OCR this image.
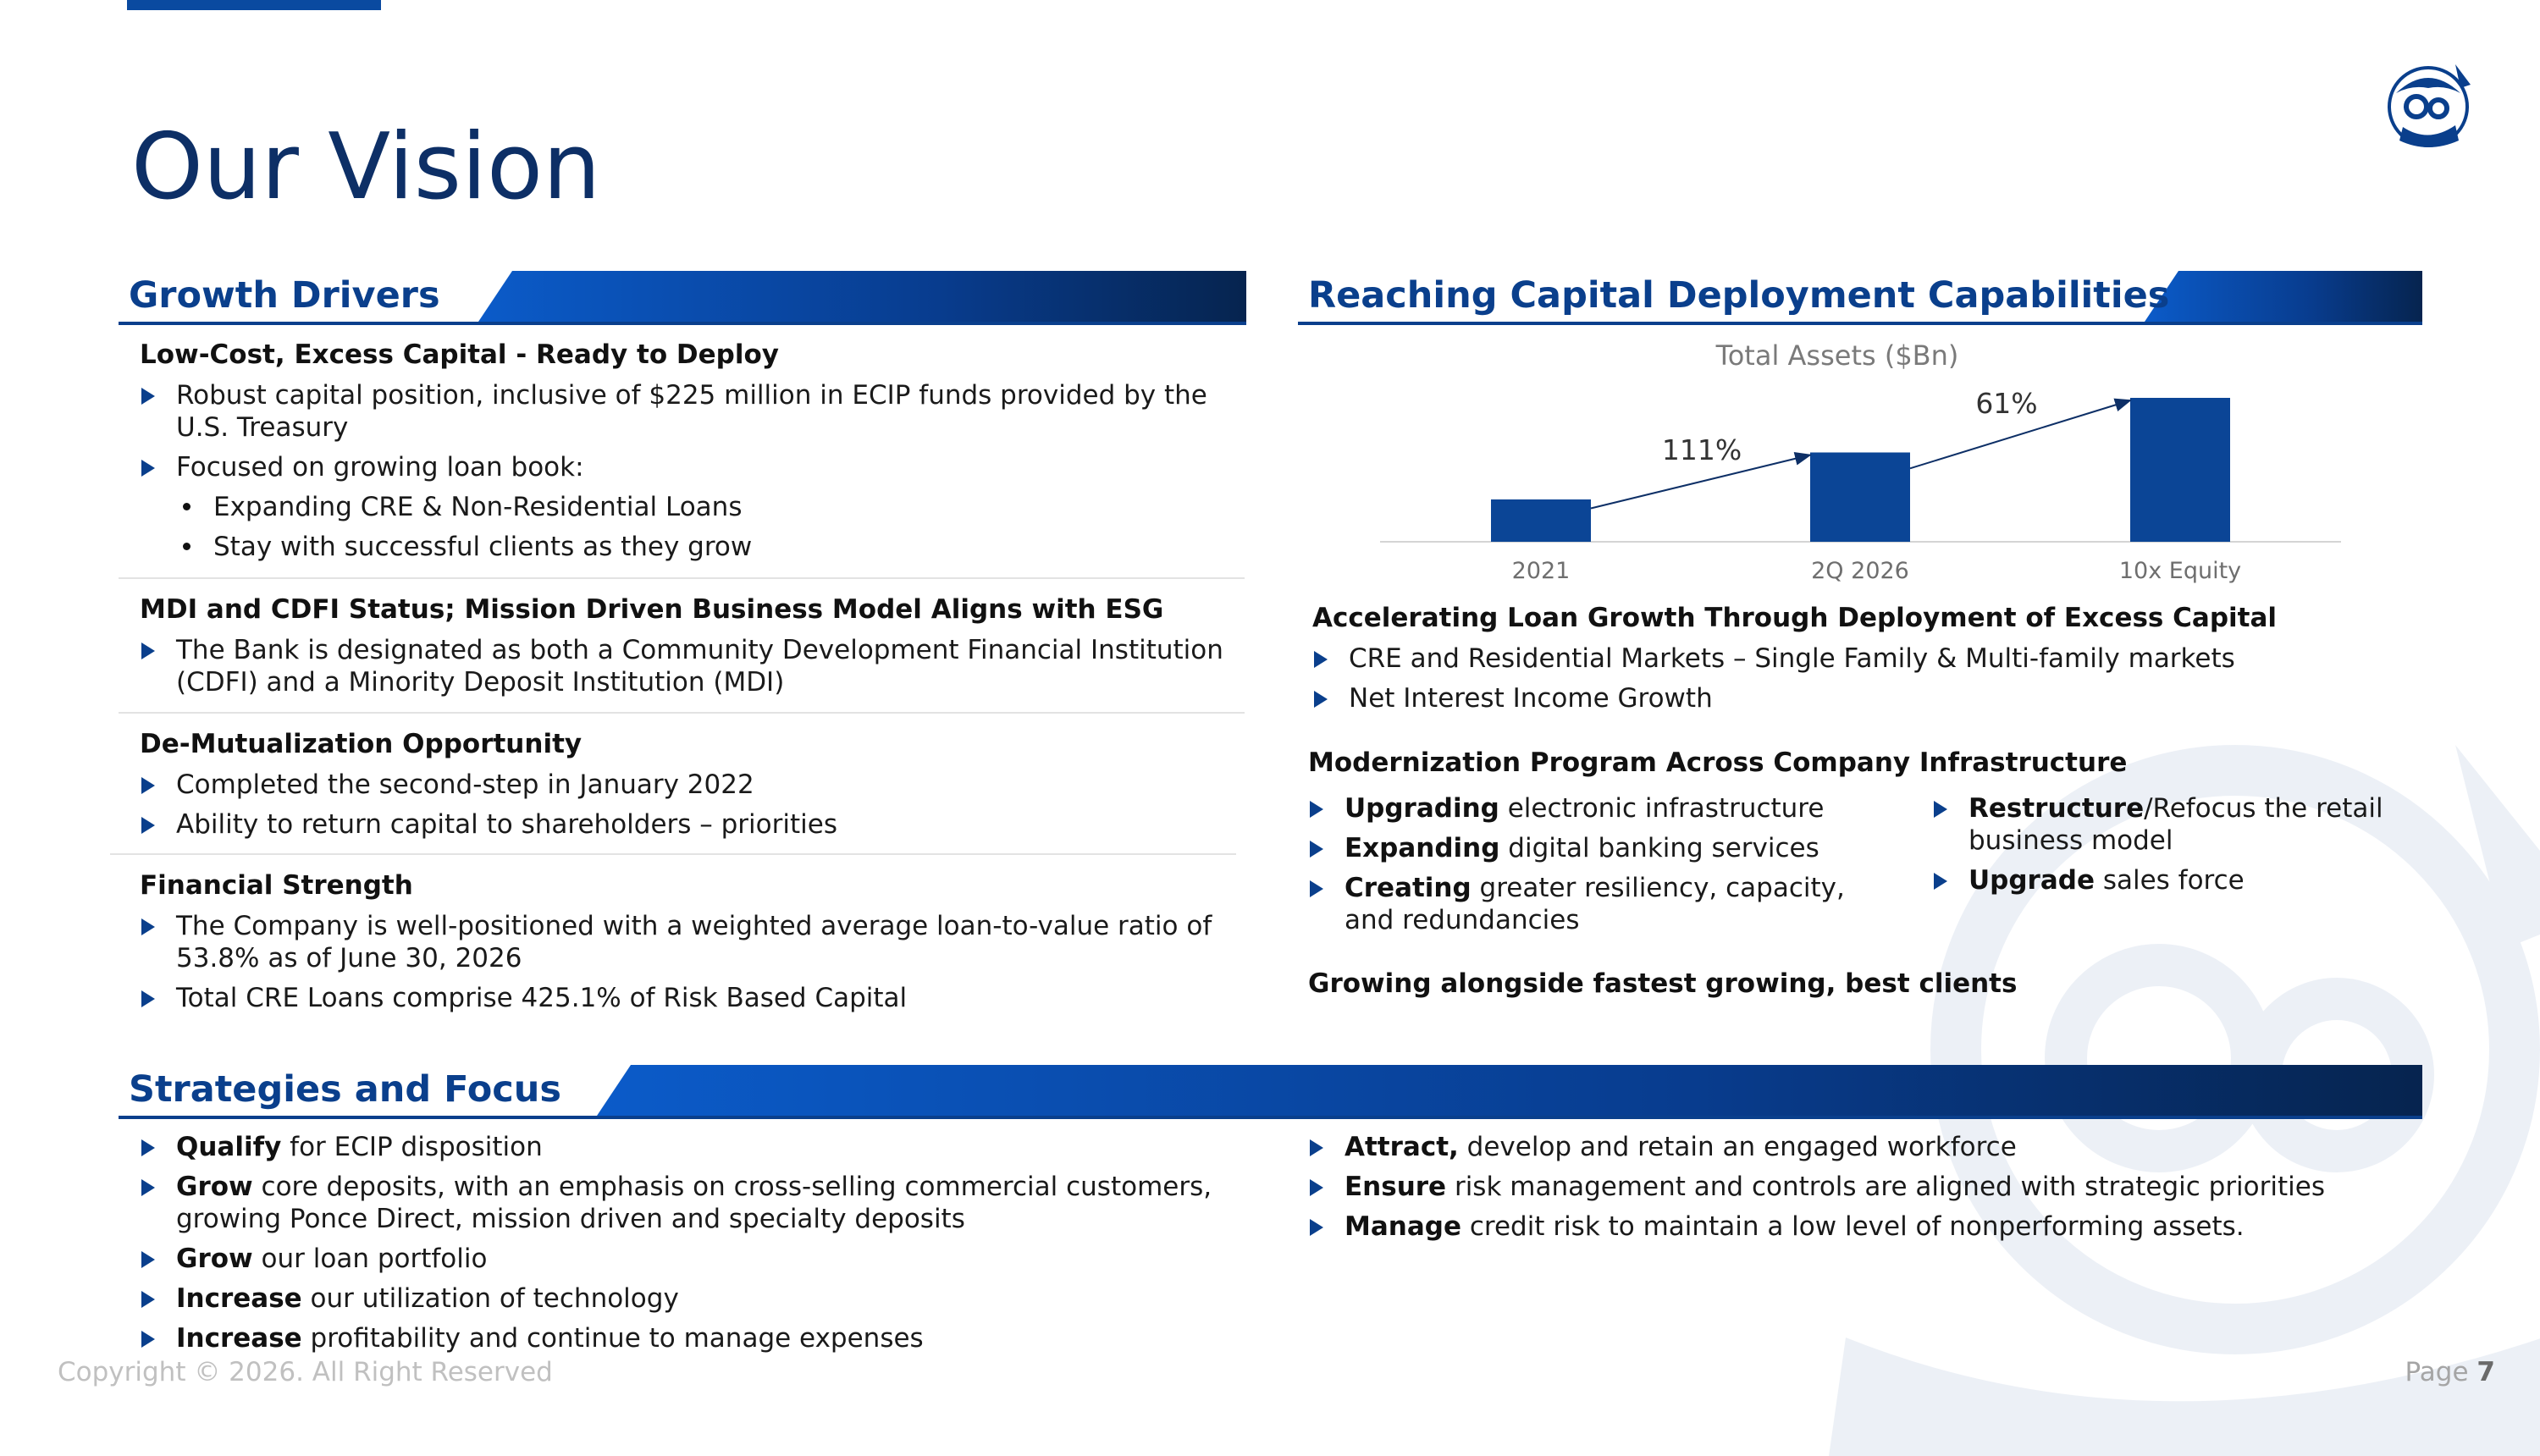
Our Vision
Growth Drivers
Low-Cost, Excess Capital - Ready to Deploy
Robust capital position, inclusive of $225 million in ECIP funds provided by the U.S. Treasury
Focused on growing loan book:
Expanding CRE & Non-Residential Loans
Stay with successful clients as they grow
MDI and CDFI Status; Mission Driven Business Model Aligns with ESG
The Bank is designated as both a Community Development Financial Institution (CDFI) and a Minority Deposit Institution (MDI)
De-Mutualization Opportunity
Completed the second-step in January 2022
Ability to return capital to shareholders – priorities
Financial Strength
The Company is well-positioned with a weighted average loan-to-value ratio of 53.8% as of June 30, 2026
Total CRE Loans comprise 425.1% of Risk Based Capital
Reaching Capital Deployment Capabilities
Total Assets ($Bn)
2021	2Q 2026	10x Equity
111%
61%
Accelerating Loan Growth Through Deployment of Excess Capital
CRE and Residential Markets – Single Family & Multi-family markets
Net Interest Income Growth
Modernization Program Across Company Infrastructure
Upgrading electronic infrastructure
Expanding digital banking services
Creating greater resiliency, capacity, and redundancies
Restructure/Refocus the retail business model
Upgrade sales force
Growing alongside fastest growing, best clients
Strategies and Focus
Qualify for ECIP disposition
Grow core deposits, with an emphasis on cross-selling commercial customers, growing Ponce Direct, mission driven and specialty deposits
Grow our loan portfolio
Increase our utilization of technology
Increase profitability and continue to manage expenses
Attract, develop and retain an engaged workforce
Ensure risk management and controls are aligned with strategic priorities
Manage credit risk to maintain a low level of nonperforming assets.
Copyright © 2026. All Right Reserved	Page 7
